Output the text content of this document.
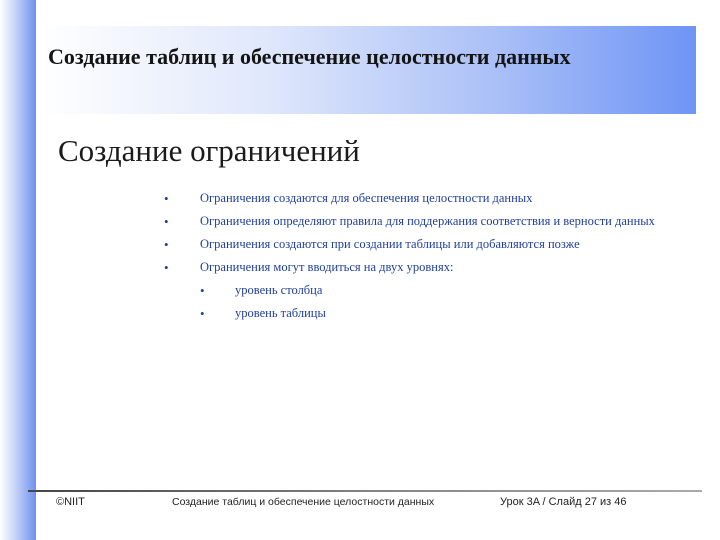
Создание таблиц и обеспечение целостности данных
Создание ограничений
•	Ограничения создаются для обеспечения целостности данных
•	Ограничения определяют правила для поддержания соответствия и верности данных
•	Ограничения создаются при создании таблицы или добавляются позже
•	Ограничения могут вводиться на двух уровнях:
• уровень столбца
• уровень таблицы
©NIIT	Создание таблиц и обеспечение целостности данных	Урок 3A / Слайд 27 из 46
